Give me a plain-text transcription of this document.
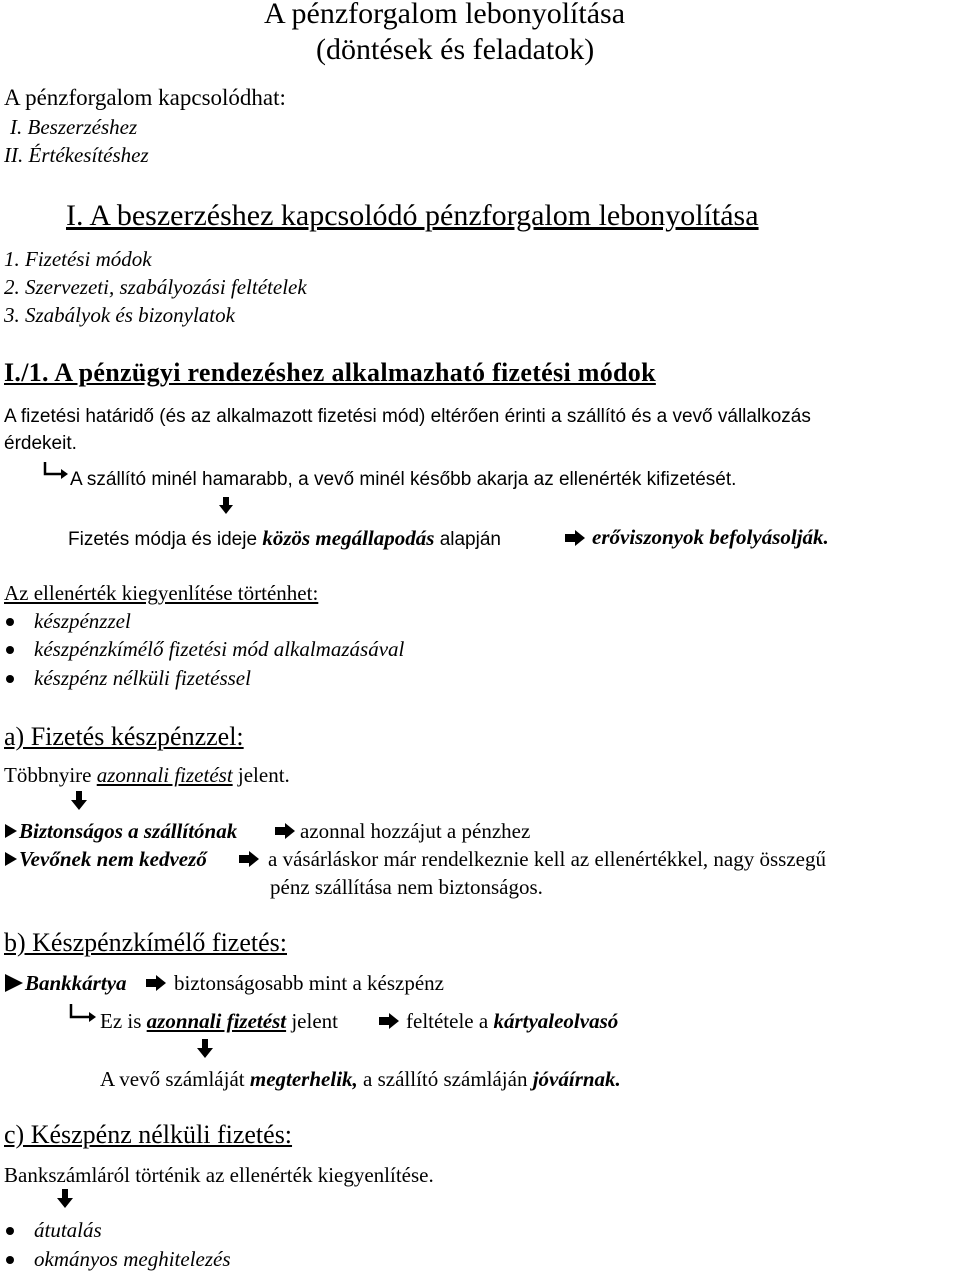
A pénzforgalom lebonyolítása
(döntések és feladatok)
A pénzforgalom kapcsolódhat:
I. Beszerzéshez
II. Értékesítéshez
I. A beszerzéshez kapcsolódó pénzforgalom lebonyolítása
1. Fizetési módok
2. Szervezeti, szabályozási feltételek
3. Szabályok és bizonylatok
I./1. A pénzügyi rendezéshez alkalmazható fizetési módok
A fizetési határidő (és az alkalmazott fizetési mód) eltérően érinti a szállító és a vevő vállalkozás
érdekeit.
A szállító minél hamarabb, a vevő minél később akarja az ellenérték kifizetését.
Fizetés módja és ideje közös megállapodás alapján	erőviszonyok befolyásolják.
Az ellenérték kiegyenlítése történhet:
készpénzzel
készpénzkímélő fizetési mód alkalmazásával
készpénz nélküli fizetéssel
a) Fizetés készpénzzel:
Többnyire azonnali fizetést jelent.
Biztonságos a szállítónak	azonnal hozzájut a pénzhez
Vevőnek nem kedvező	a vásárláskor már rendelkeznie kell az ellenértékkel, nagy összegű
pénz szállítása nem biztonságos.
b) Készpénzkímélő fizetés:
Bankkártya biztonságosabb mint a készpénz
Ez is azonnali fizetést jelent	feltétele a kártyaleolvasó
A vevő számláját megterhelik, a szállító számláján jóváírnak.
c) Készpénz nélküli fizetés:
Bankszámláról történik az ellenérték kiegyenlítése.
átutalás
okmányos meghitelezés
